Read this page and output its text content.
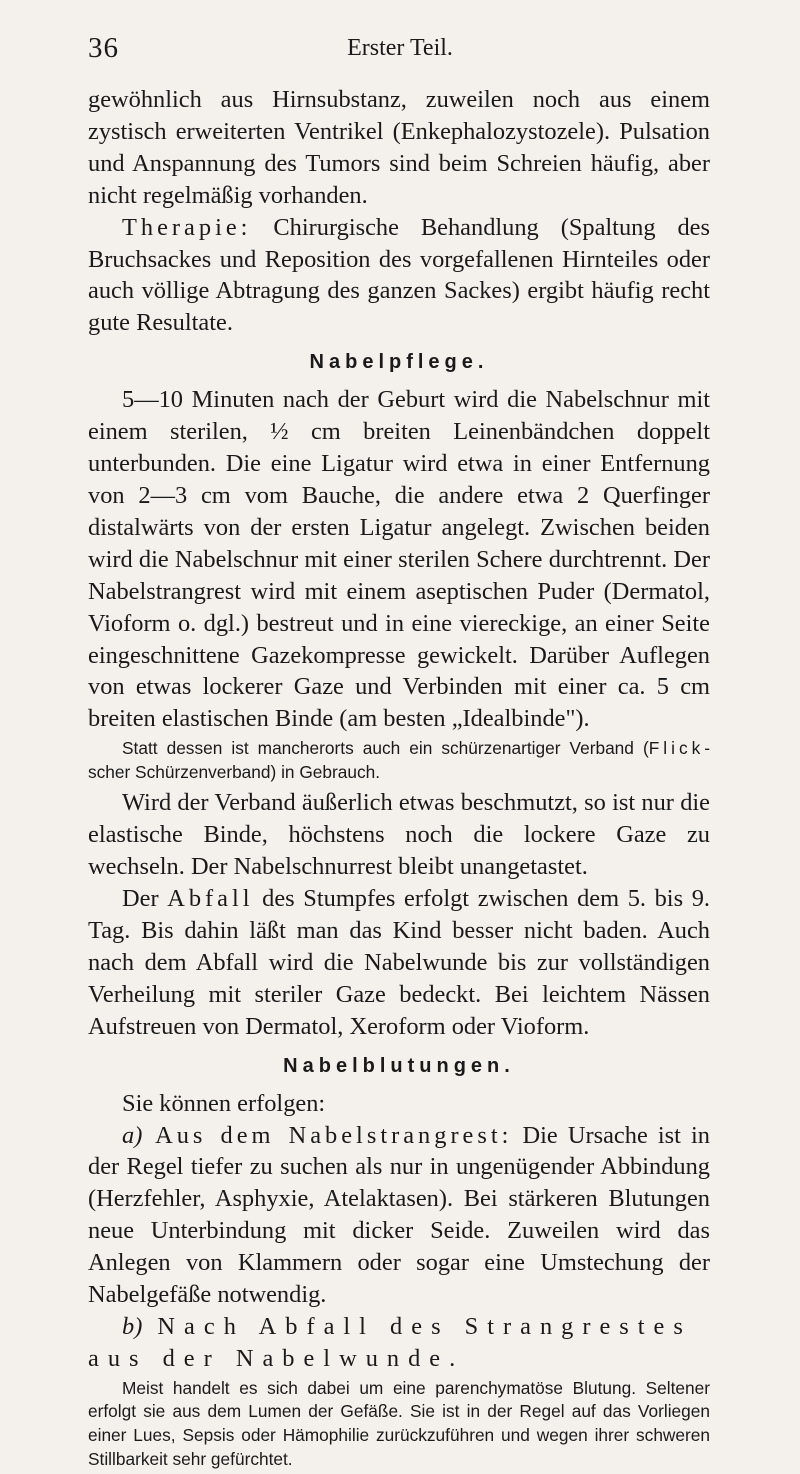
36	Erster Teil.

gewöhnlich aus Hirnsubstanz, zuweilen noch aus einem zystisch erweiterten Ventrikel (Enkephalozystozele). Pulsation und Anspannung des Tumors sind beim Schreien häufig, aber nicht regelmäßig vorhanden.

Therapie: Chirurgische Behandlung (Spaltung des Bruchsackes und Reposition des vorgefallenen Hirnteiles oder auch völlige Abtragung des ganzen Sackes) ergibt häufig recht gute Resultate.

Nabelpflege.

5—10 Minuten nach der Geburt wird die Nabelschnur mit einem sterilen, ½ cm breiten Leinenbändchen doppelt unterbunden. Die eine Ligatur wird etwa in einer Entfernung von 2—3 cm vom Bauche, die andere etwa 2 Querfinger distalwärts von der ersten Ligatur angelegt. Zwischen beiden wird die Nabelschnur mit einer sterilen Schere durchtrennt. Der Nabelstrangrest wird mit einem aseptischen Puder (Dermatol, Vioform o. dgl.) bestreut und in eine viereckige, an einer Seite eingeschnittene Gazekompresse gewickelt. Darüber Auflegen von etwas lockerer Gaze und Verbinden mit einer ca. 5 cm breiten elastischen Binde (am besten „Idealbinde").

Statt dessen ist mancherorts auch ein schürzenartiger Verband (Flick-scher Schürzenverband) in Gebrauch.

Wird der Verband äußerlich etwas beschmutzt, so ist nur die elastische Binde, höchstens noch die lockere Gaze zu wechseln. Der Nabelschnurrest bleibt unangetastet.

Der Abfall des Stumpfes erfolgt zwischen dem 5. bis 9. Tag. Bis dahin läßt man das Kind besser nicht baden. Auch nach dem Abfall wird die Nabelwunde bis zur vollständigen Verheilung mit steriler Gaze bedeckt. Bei leichtem Nässen Aufstreuen von Dermatol, Xeroform oder Vioform.

Nabelblutungen.

Sie können erfolgen:

a) Aus dem Nabelstrangrest: Die Ursache ist in der Regel tiefer zu suchen als nur in ungenügender Abbindung (Herzfehler, Asphyxie, Atelaktasen). Bei stärkeren Blutungen neue Unterbindung mit dicker Seide. Zuweilen wird das Anlegen von Klammern oder sogar eine Umstechung der Nabelgefäße notwendig.

b) Nach Abfall des Strangrestes aus der Nabelwunde.

Meist handelt es sich dabei um eine parenchymatöse Blutung. Seltener erfolgt sie aus dem Lumen der Gefäße. Sie ist in der Regel auf das Vorliegen einer Lues, Sepsis oder Hämophilie zurückzuführen und wegen ihrer schweren Stillbarkeit sehr gefürchtet.
